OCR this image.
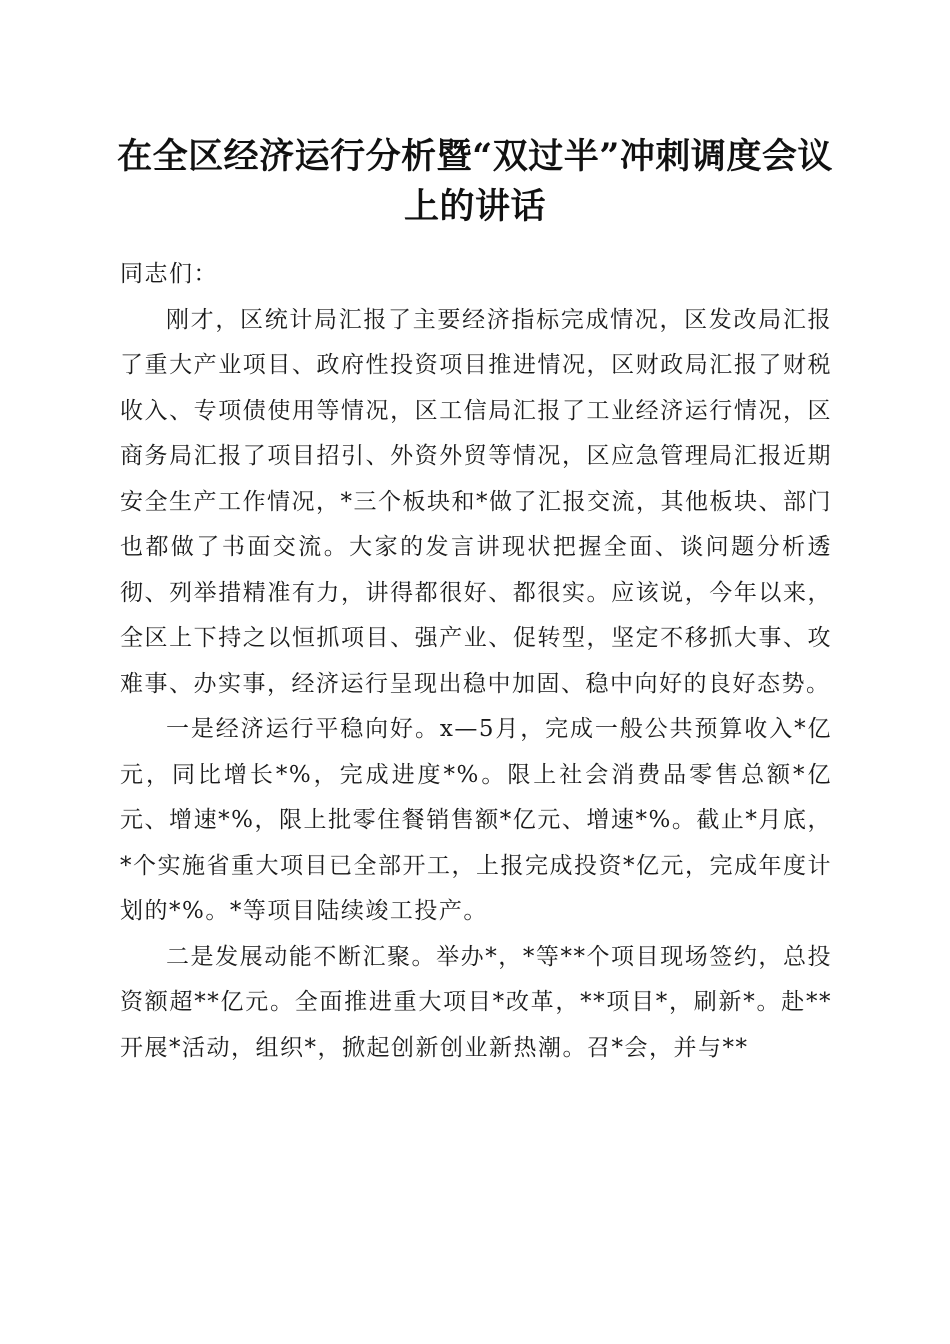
在全区经济运行分析暨“双过半”冲刺调度会议上的讲话

同志们：

刚才，区统计局汇报了主要经济指标完成情况，区发改局汇报了重大产业项目、政府性投资项目推进情况，区财政局汇报了财税收入、专项债使用等情况，区工信局汇报了工业经济运行情况，区商务局汇报了项目招引、外资外贸等情况，区应急管理局汇报近期安全生产工作情况，*三个板块和*做了汇报交流，其他板块、部门也都做了书面交流。大家的发言讲现状把握全面、谈问题分析透彻、列举措精准有力，讲得都很好、都很实。应该说，今年以来，全区上下持之以恒抓项目、强产业、促转型，坚定不移抓大事、攻难事、办实事，经济运行呈现出稳中加固、稳中向好的良好态势。

一是经济运行平稳向好。x—5月，完成一般公共预算收入*亿元，同比增长*%，完成进度*%。限上社会消费品零售总额*亿元、增速*%，限上批零住餐销售额*亿元、增速*%。截止*月底，*个实施省重大项目已全部开工，上报完成投资*亿元，完成年度计划的*%。*等项目陆续竣工投产。

二是发展动能不断汇聚。举办*，*等**个项目现场签约，总投资额超**亿元。全面推进重大项目*改革，**项目*，刷新*。赴**开展*活动，组织*，掀起创新创业新热潮。召*会，并与**
